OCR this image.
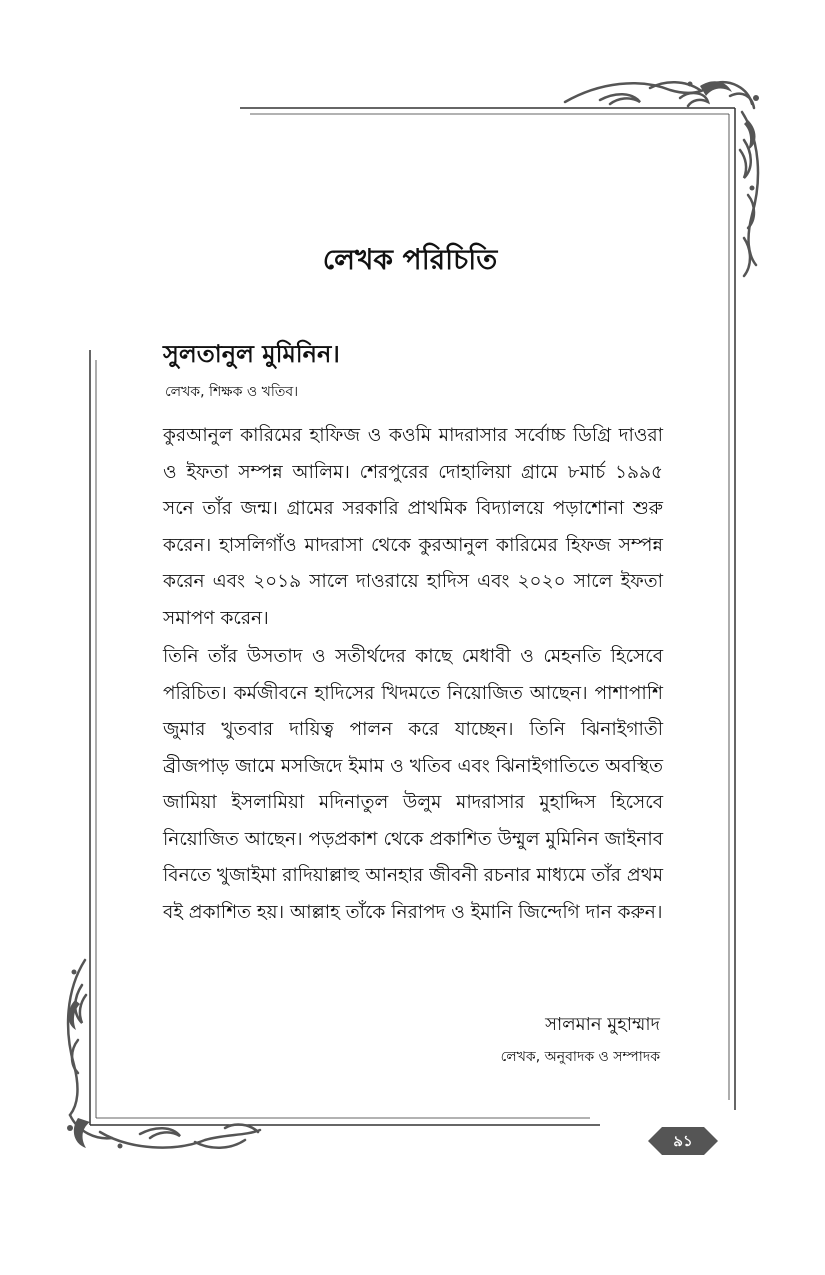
লেখক পরিচিতি
সুলতানুল মুমিনিন।

লেখক, শিক্ষক ও খতিব।

কুরআনুল কারিমের হাফিজ ও কওমি মাদরাসার সর্বোচ্চ ডিগ্রি দাওরা ও ইফতা সম্পন্ন আলিম। শেরপুরের দোহালিয়া গ্রামে ৮মার্চ ১৯৯৫ সনে তাঁর জন্ম। গ্রামের সরকারি প্রাথমিক বিদ্যালয়ে পড়াশোনা শুরু করেন। হাসলিগাঁও মাদরাসা থেকে কুরআনুল কারিমের হিফজ সম্পন্ন করেন এবং ২০১৯ সালে দাওরায়ে হাদিস এবং ২০২০ সালে ইফতা সমাপণ করেন।

তিনি তাঁর উসতাদ ও সতীর্থদের কাছে মেধাবী ও মেহনতি হিসেবে পরিচিত। কর্মজীবনে হাদিসের খিদমতে নিয়োজিত আছেন। পাশাপাশি জুমার খুতবার দায়িত্ব পালন করে যাচ্ছেন। তিনি ঝিনাইগাতী ব্রীজপাড় জামে মসজিদে ইমাম ও খতিব এবং ঝিনাইগাতিতে অবস্থিত জামিয়া ইসলামিয়া মদিনাতুল উলুম মাদরাসার মুহাদ্দিস হিসেবে নিয়োজিত আছেন। পড়প্রকাশ থেকে প্রকাশিত উম্মুল মুমিনিন জাইনাব বিনতে খুজাইমা রাদিয়াল্লাহু আনহার জীবনী রচনার মাধ্যমে তাঁর প্রথম বই প্রকাশিত হয়। আল্লাহ তাঁকে নিরাপদ ও ইমানি জিন্দেগি দান করুন।

সালমান মুহাম্মাদ

লেখক, অনুবাদক ও সম্পাদক

৯১
